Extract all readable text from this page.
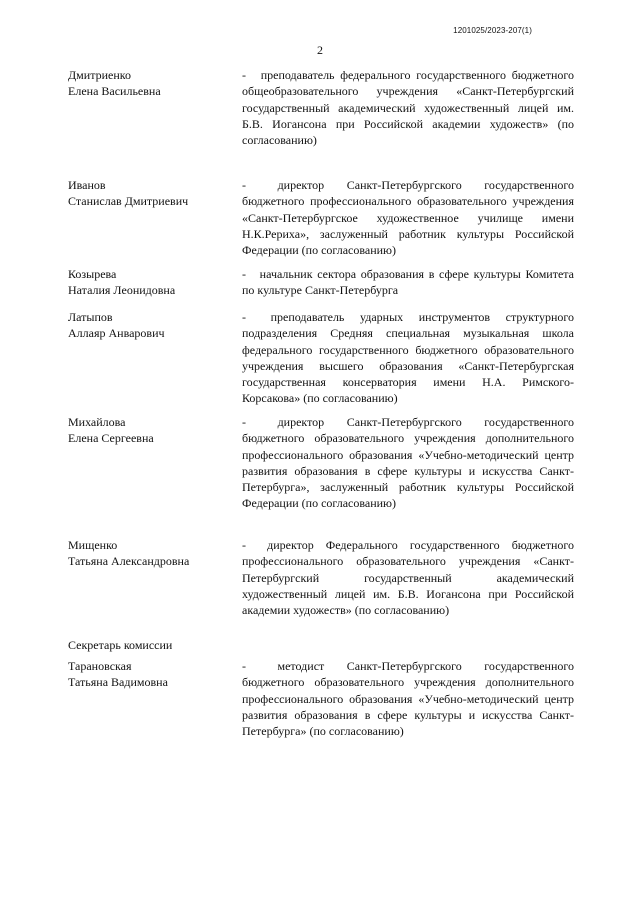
1201025/2023-207(1)
2
Дмитриенко
Елена Васильевна
- преподаватель федерального государственного бюджетного общеобразовательного учреждения «Санкт-Петербургский государственный академический художественный лицей им. Б.В. Иогансона при Российской академии художеств» (по согласованию)
Иванов
Станислав Дмитриевич
-	директор Санкт-Петербургского государственного бюджетного профессионального образовательного учреждения «Санкт-Петербургское художественное училище имени Н.К.Рериха», заслуженный работник культуры Российской Федерации (по согласованию)
Козырева
Наталия Леонидовна
- начальник сектора образования в сфере культуры Комитета по культуре Санкт-Петербурга
Латыпов
Аллаяр Анварович
- преподаватель ударных инструментов структурного подразделения Средняя специальная музыкальная школа федерального государственного бюджетного образовательного учреждения высшего образования «Санкт-Петербургская государственная консерватория имени Н.А. Римского-Корсакова» (по согласованию)
Михайлова
Елена Сергеевна
-	директор Санкт-Петербургского государственного бюджетного образовательного учреждения дополнительного профессионального образования «Учебно-методический центр развития образования в сфере культуры и искусства Санкт-Петербурга», заслуженный работник культуры Российской Федерации (по согласованию)
Мищенко
Татьяна Александровна
- директор Федерального государственного бюджетного профессионального образовательного учреждения «Санкт-Петербургский государственный академический художественный лицей им. Б.В. Иогансона при Российской академии художеств» (по согласованию)
Секретарь комиссии
Тарановская
Татьяна Вадимовна
-	методист Санкт-Петербургского государственного бюджетного образовательного учреждения дополнительного профессионального образования «Учебно-методический центр развития образования в сфере культуры и искусства Санкт-Петербурга» (по согласованию)
